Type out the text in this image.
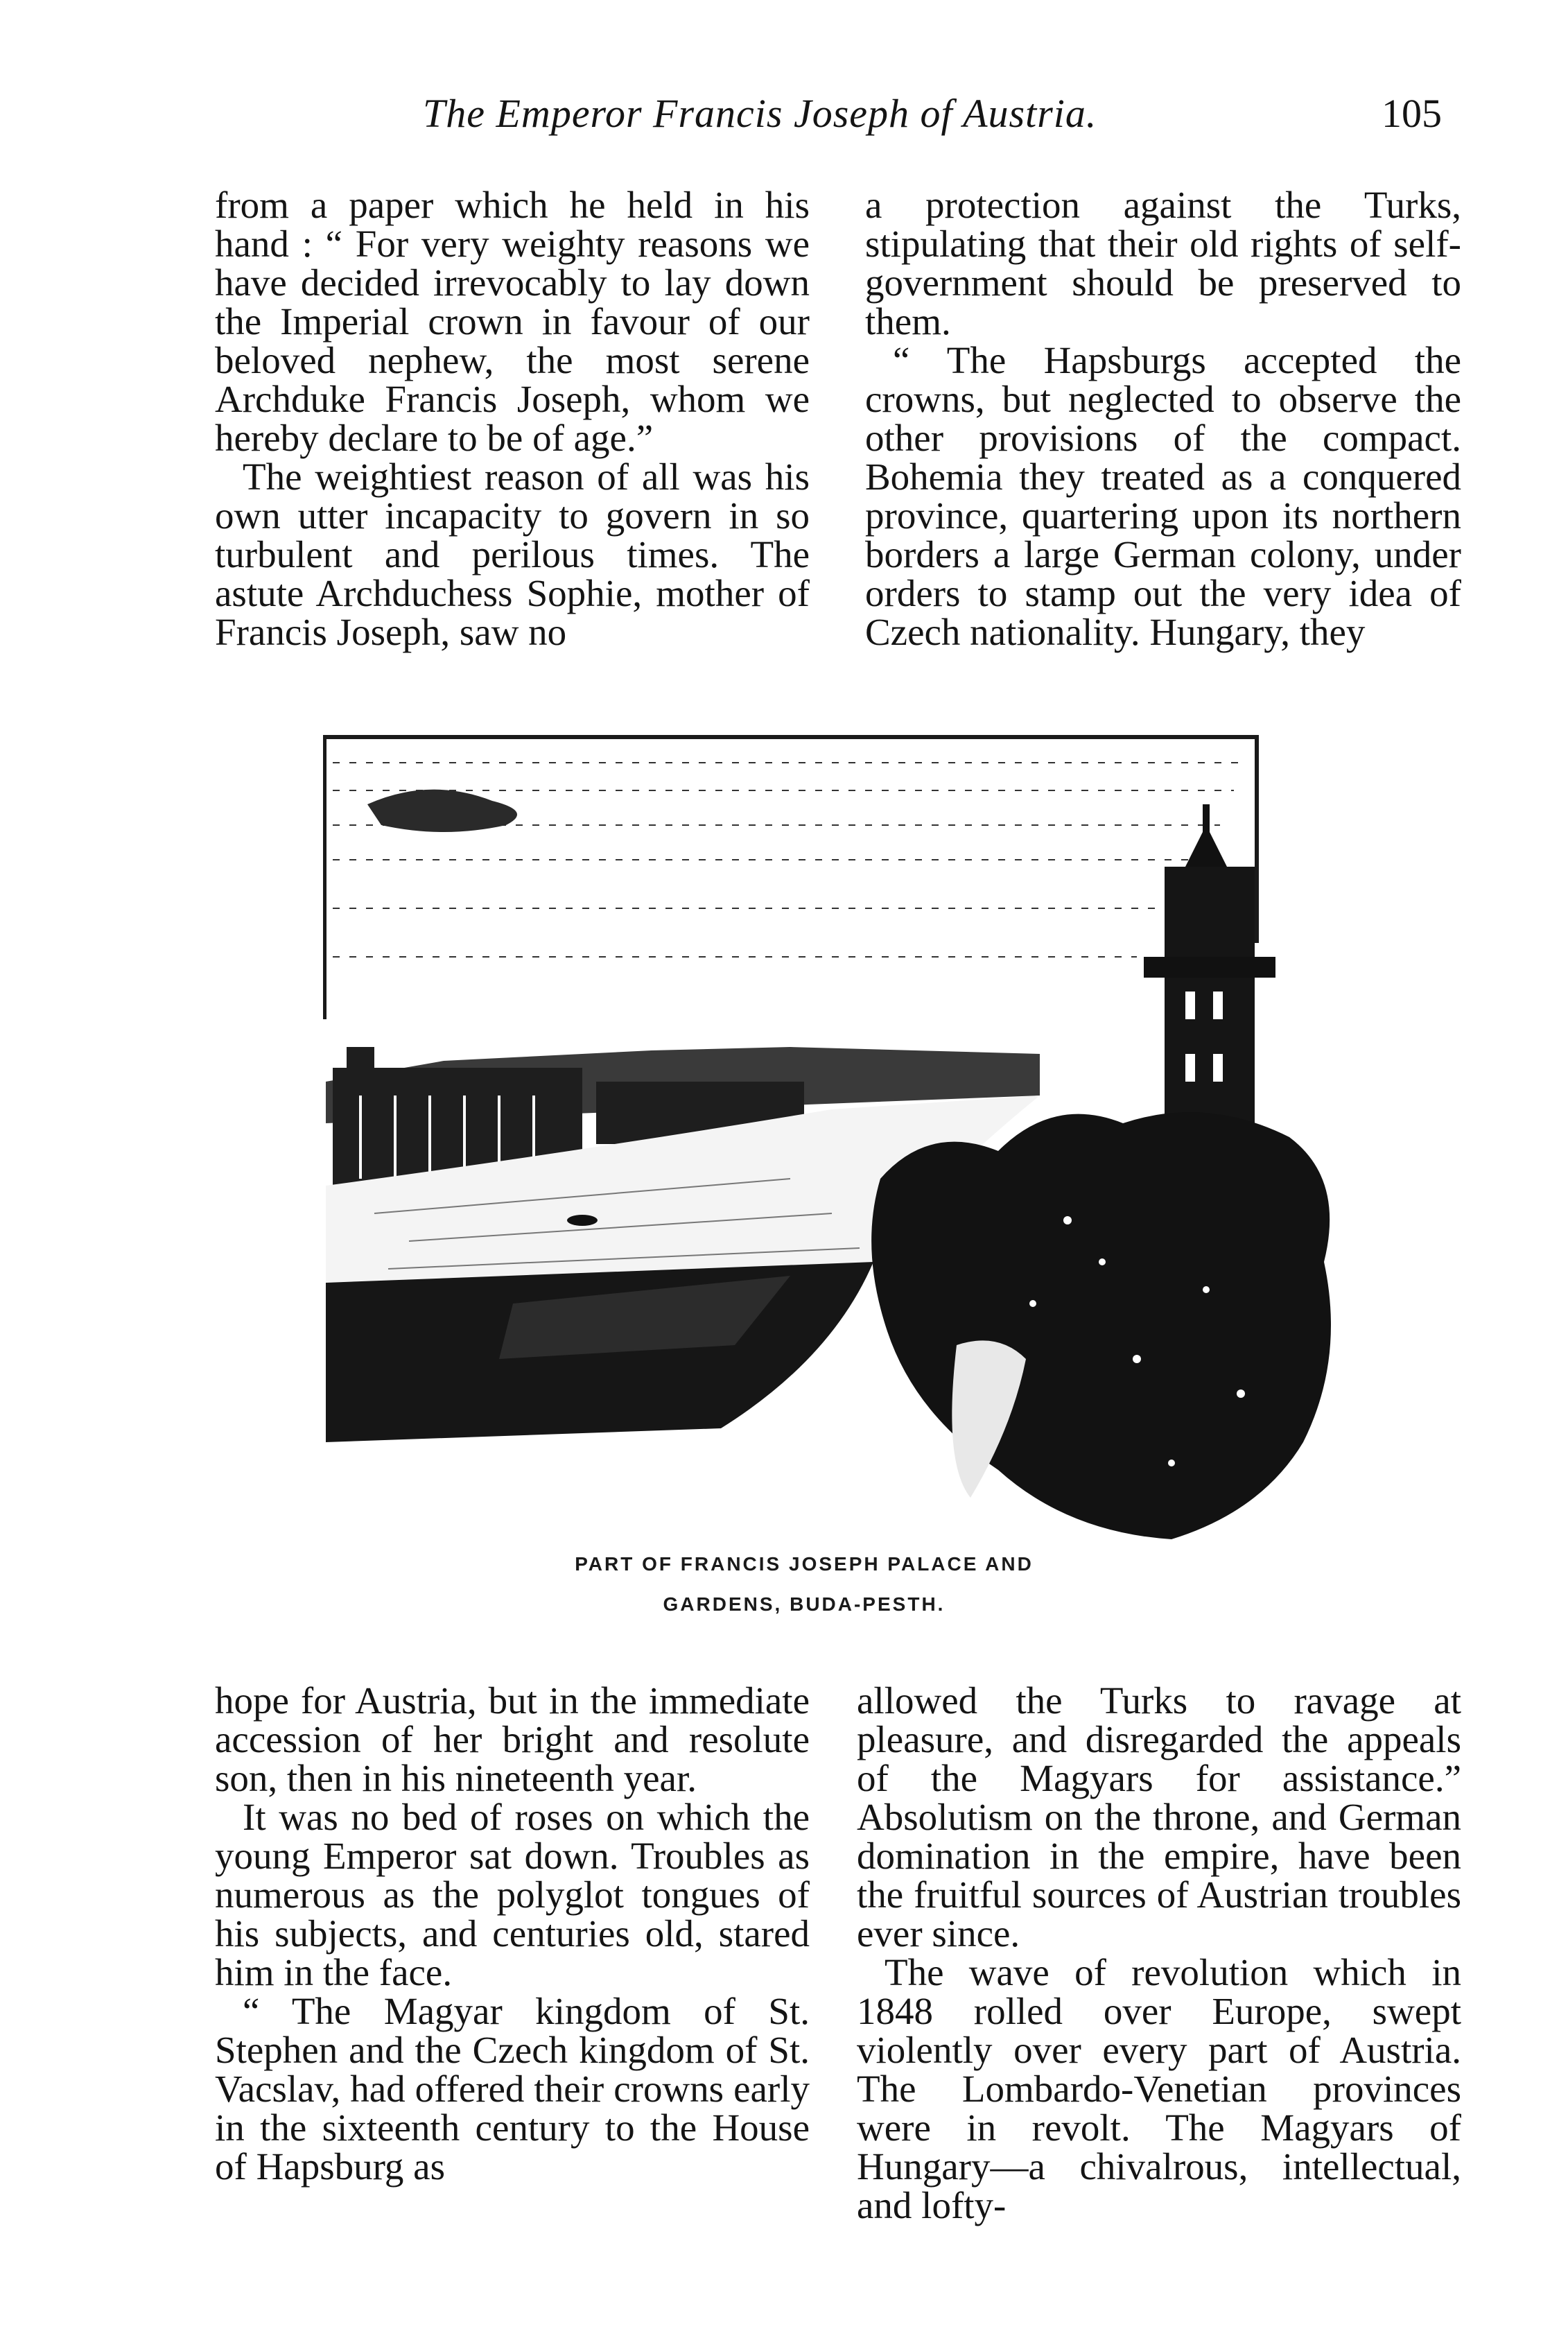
The Emperor Francis Joseph of Austria.	105

from a paper which he held in his hand : “ For very weighty reasons we have decided irrevocably to lay down the Imperial crown in favour of our beloved nephew, the most serene Archduke Francis Joseph, whom we hereby declare to be of age.”

The weightiest reason of all was his own utter incapacity to govern in so turbulent and perilous times. The astute Archduchess Sophie, mother of Francis Joseph, saw no

a protection against the Turks, stipulating that their old rights of self-government should be preserved to them.

“ The Hapsburgs accepted the crowns, but neglected to observe the other provisions of the compact. Bohemia they treated as a conquered province, quartering upon its northern borders a large German colony, under orders to stamp out the very idea of Czech nationality. Hungary, they

PART OF FRANCIS JOSEPH PALACE AND
GARDENS, BUDA-PESTH.

hope for Austria, but in the immediate accession of her bright and resolute son, then in his nineteenth year.

It was no bed of roses on which the young Emperor sat down. Troubles as numerous as the polyglot tongues of his subjects, and centuries old, stared him in the face.

“ The Magyar kingdom of St. Stephen and the Czech kingdom of St. Vacslav, had offered their crowns early in the sixteenth century to the House of Hapsburg as

allowed the Turks to ravage at pleasure, and disregarded the appeals of the Magyars for assistance.” Absolutism on the throne, and German domination in the empire, have been the fruitful sources of Austrian troubles ever since.

The wave of revolution which in 1848 rolled over Europe, swept violently over every part of Austria. The Lombardo-Venetian provinces were in revolt. The Magyars of Hungary—a chivalrous, intellectual, and lofty-
